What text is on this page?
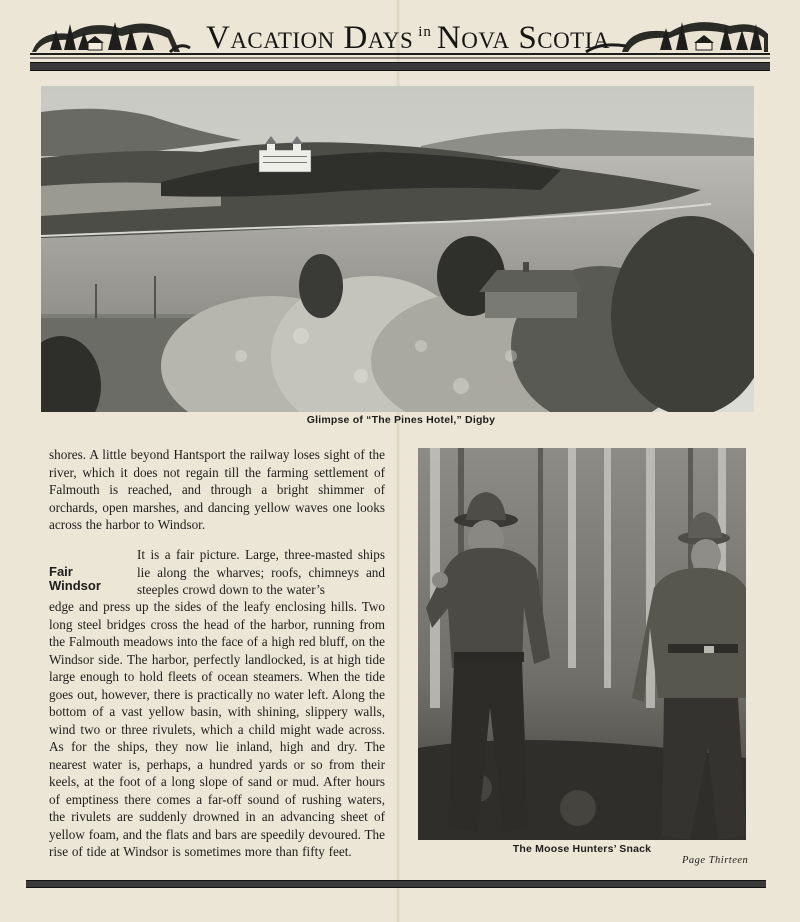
Vacation
Days in Nova
Scotia
Glimpse of “The Pines Hotel,” Digby
shores. A little beyond Hantsport the railway loses sight of the river, which it does not regain till the farming settlement of Falmouth is reached, and through a bright shimmer of orchards, open marshes, and dancing yellow waves one looks across the harbor to Windsor.
Fair
Windsor
It is a fair picture. Large, three-masted ships lie along the wharves; roofs, chimneys and steeples crowd down to the water’s
edge and press up the sides of the leafy enclosing hills. Two long steel bridges cross the head of the harbor, running from the Falmouth meadows into the face of a high red bluff, on the Windsor side. The harbor, perfectly landlocked, is at high tide large enough to hold fleets of ocean steamers. When the tide goes out, however, there is practically no water left. Along the bottom of a vast yellow basin, with shining, slippery walls, wind two or three rivulets, which a child might wade across. As for the ships, they now lie inland, high and dry. The nearest water is, perhaps, a hundred yards or so from their keels, at the foot of a long slope of sand or mud. After hours of emptiness there comes a far-off sound of rushing waters, the rivulets are suddenly drowned in an advancing sheet of yellow foam, and the flats and bars are speedily devoured. The rise of tide at Windsor is sometimes more than fifty feet.	The Moose Hunters’ Snack
Page Thirteen
